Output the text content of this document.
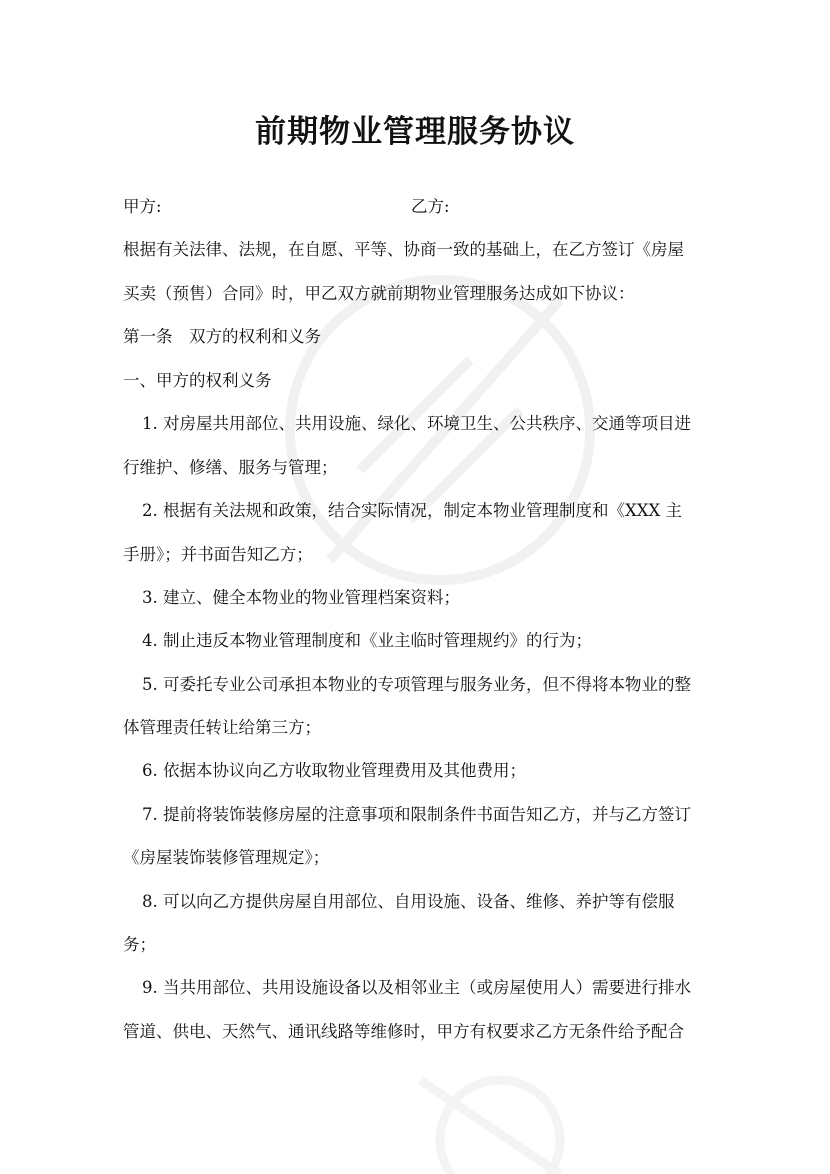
前期物业管理服务协议
甲方:	乙方:
根据有关法律、法规，在自愿、平等、协商一致的基础上，在乙方签订《房屋
买卖（预售）合同》时，甲乙双方就前期物业管理服务达成如下协议：
第一条　双方的权利和义务
一、甲方的权利义务
1. 对房屋共用部位、共用设施、绿化、环境卫生、公共秩序、交通等项目进
行维护、修缮、服务与管理；
2. 根据有关法规和政策，结合实际情况，制定本物业管理制度和《XXX 主
手册》；并书面告知乙方；
3. 建立、健全本物业的物业管理档案资料；
4. 制止违反本物业管理制度和《业主临时管理规约》的行为；
5. 可委托专业公司承担本物业的专项管理与服务业务，但不得将本物业的整
体管理责任转让给第三方；
6. 依据本协议向乙方收取物业管理费用及其他费用；
7. 提前将装饰装修房屋的注意事项和限制条件书面告知乙方，并与乙方签订
《房屋装饰装修管理规定》；
8. 可以向乙方提供房屋自用部位、自用设施、设备、维修、养护等有偿服
务；
9. 当共用部位、共用设施设备以及相邻业主（或房屋使用人）需要进行排水
管道、供电、天然气、通讯线路等维修时，甲方有权要求乙方无条件给予配合
